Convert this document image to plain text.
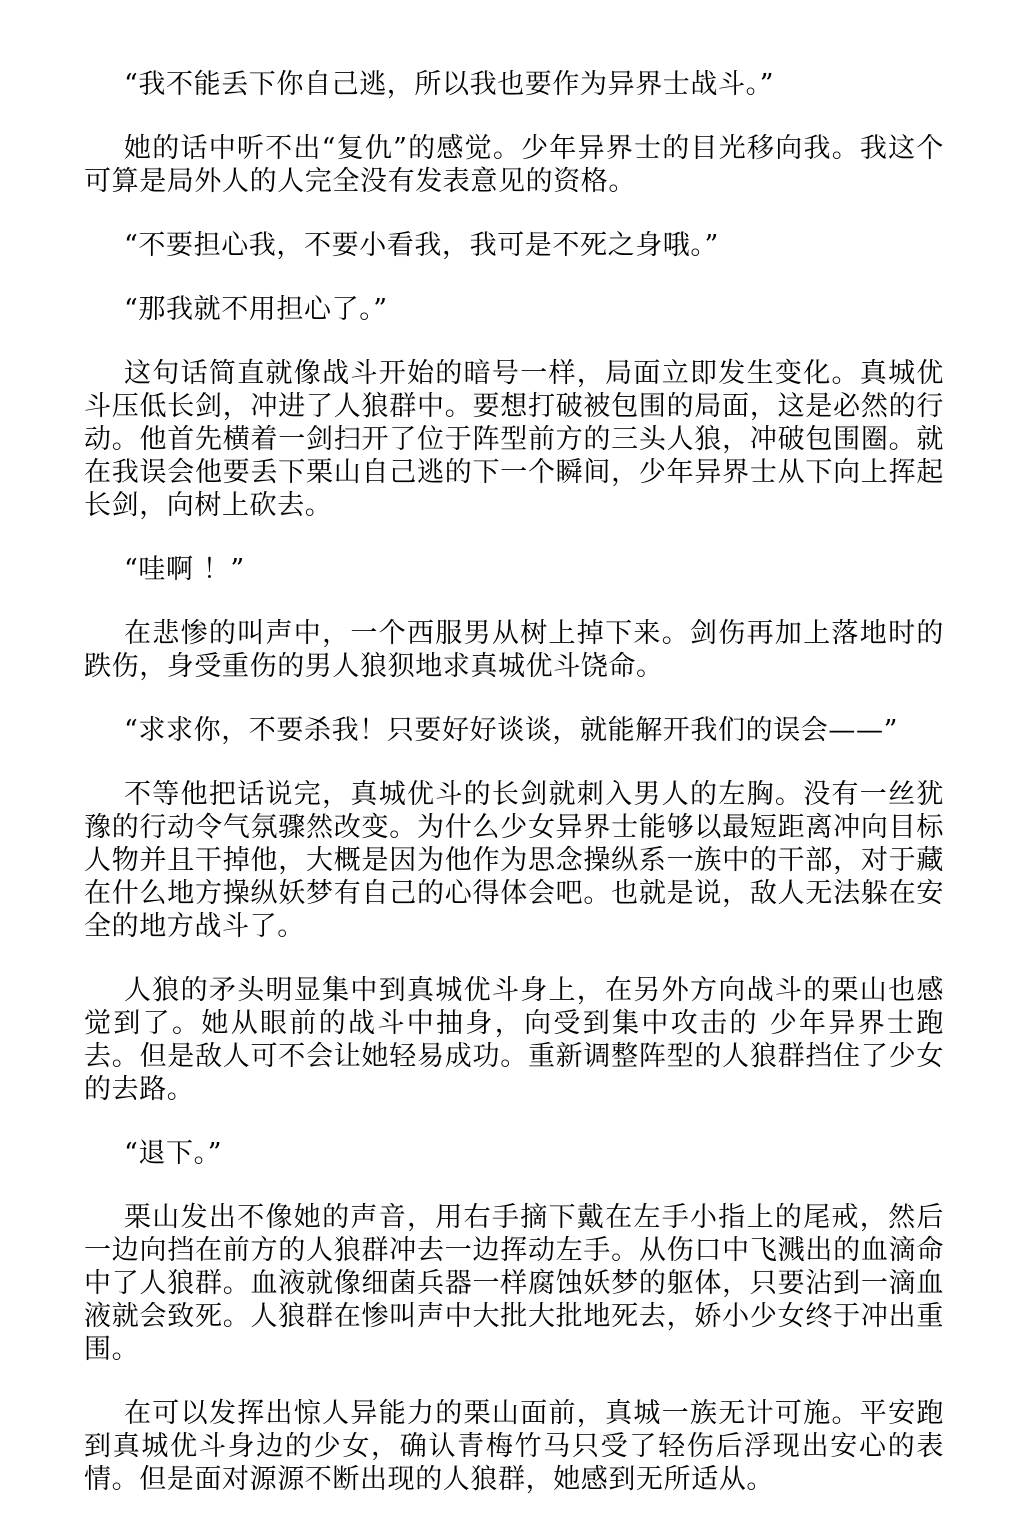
“我不能丢下你自己逃，所以我也要作为异界士战斗。”

她的话中听不出“复仇”的感觉。少年异界士的目光移向我。我这个可算是局外人的人完全没有发表意见的资格。

“不要担心我，不要小看我，我可是不死之身哦。”

“那我就不用担心了。”

这句话简直就像战斗开始的暗号一样，局面立即发生变化。真城优斗压低长剑，冲进了人狼群中。要想打破被包围的局面，这是必然的行动。他首先横着一剑扫开了位于阵型前方的三头人狼，冲破包围圈。就在我误会他要丢下栗山自己逃的下一个瞬间，少年异界士从下向上挥起长剑，向树上砍去。

“哇啊 ！”

在悲惨的叫声中，一个西服男从树上掉下来。剑伤再加上落地时的跌伤，身受重伤的男人狼狈地求真城优斗饶命。

“求求你，不要杀我！只要好好谈谈，就能解开我们的误会——”

不等他把话说完，真城优斗的长剑就刺入男人的左胸。没有一丝犹豫的行动令气氛骤然改变。为什么少女异界士能够以最短距离冲向目标人物并且干掉他，大概是因为他作为思念操纵系一族中的干部，对于藏在什么地方操纵妖梦有自己的心得体会吧。也就是说，敌人无法躲在安全的地方战斗了。

人狼的矛头明显集中到真城优斗身上，在另外方向战斗的栗山也感觉到了。她从眼前的战斗中抽身，向受到集中攻击的 少年异界士跑去。但是敌人可不会让她轻易成功。重新调整阵型的人狼群挡住了少女的去路。

“退下。”

栗山发出不像她的声音，用右手摘下戴在左手小指上的尾戒，然后一边向挡在前方的人狼群冲去一边挥动左手。从伤口中飞溅出的血滴命中了人狼群。血液就像细菌兵器一样腐蚀妖梦的躯体，只要沾到一滴血液就会致死。人狼群在惨叫声中大批大批地死去，娇小少女终于冲出重围。

在可以发挥出惊人异能力的栗山面前，真城一族无计可施。平安跑到真城优斗身边的少女，确认青梅竹马只受了轻伤后浮现出安心的表情。但是面对源源不断出现的人狼群，她感到无所适从。
